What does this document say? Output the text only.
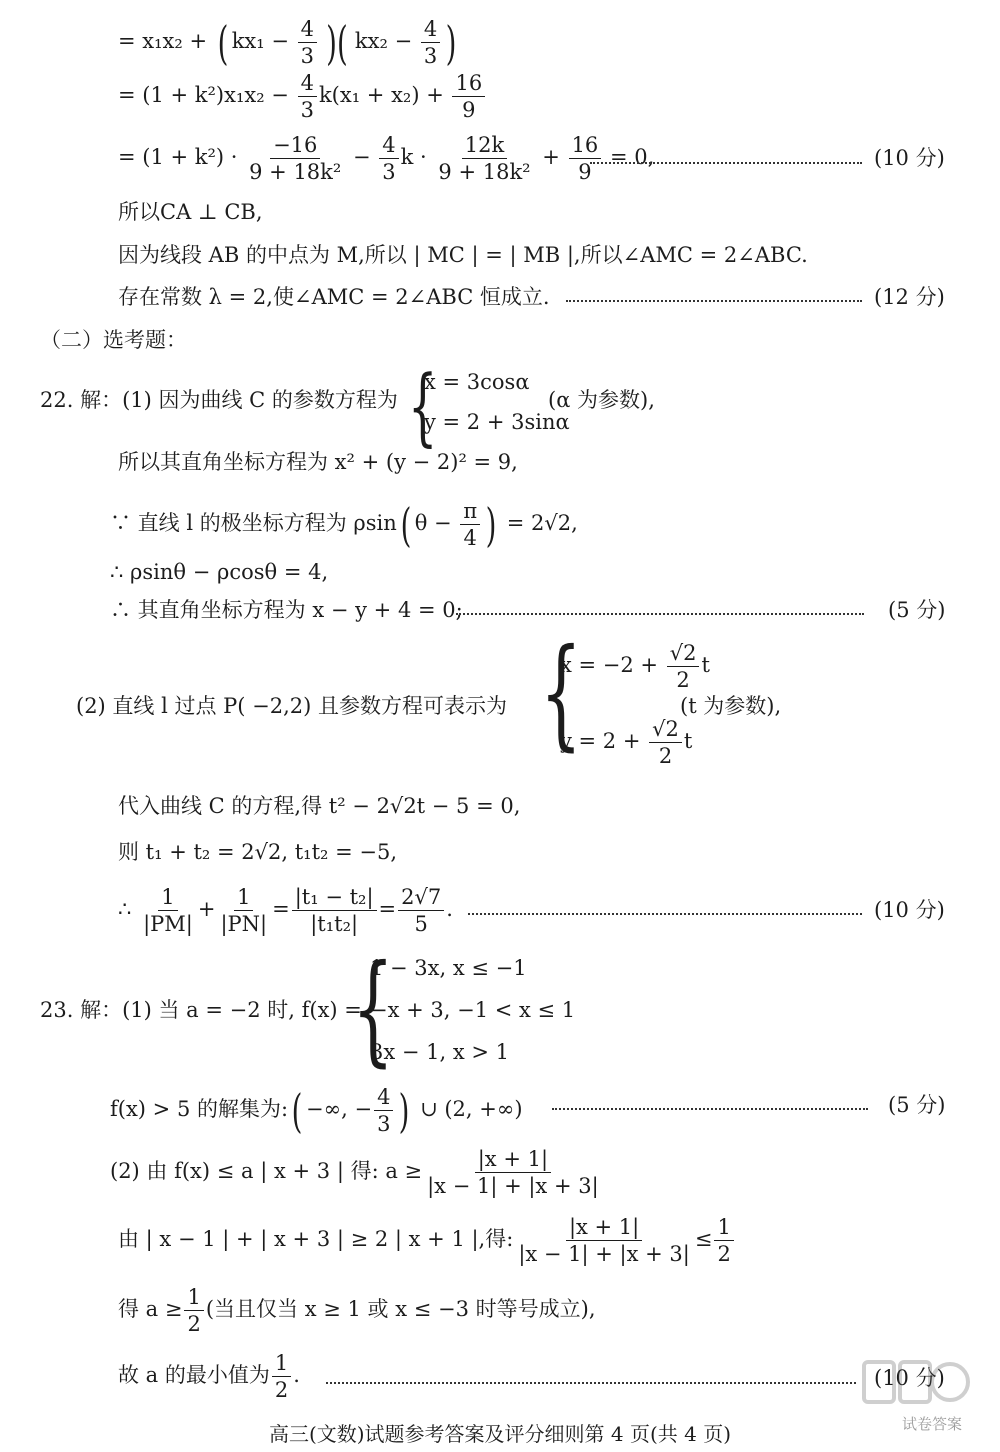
= x₁x₂ + ( $kx_1 - \frac{4}{3}$ )( $kx_2 - \frac{4}{3}$ )
= $(1 + k^2)x_1x_2 - \frac{4}{3} k(x_1 + x_2) + \frac{16}{9}$
= $(1 + k^2) \cdot \frac{-16}{\text{9 + 18k²}} - \frac{4}{3}$ $k \cdot \frac{12k}{\text{9 + 18k²}} + \frac{16}{9} = 0$,	(10 分)
所以CA ⊥ CB,
因为线段 AB 的中点为 M,所以 | MC | = | MB |,所以∠AMC = 2∠ABC.
存在常数 λ = 2,使∠AMC = 2∠ABC 恒成立.	(12 分)
（二）选考题：
22. 解：(1) 因为曲线 C 的参数方程为 {
x = 3cosα
y = 2 + 3sinα
(α 为参数),
所以其直角坐标方程为 x² + (y − 2)² = 9,
∵ 直线 l 的极坐标方程为 ρsin( $\theta - \frac{\pi}{4}$ ) = 2√2,
∴ ρsinθ − ρcosθ = 4,
∴ 其直角坐标方程为 x − y + 4 = 0;	(5 分)
(2) 直线 l 过点 P( −2,2) 且参数方程可表示为 {
$x = -2 + \frac{√2}{2}$ t
$y = 2 + \frac{√2}{2}$ t
(t 为参数),
代入曲线 C 的方程,得 t² − 2√2t − 5 = 0,
则 t₁ + t₂ = 2√2, t₁t₂ = −5,
∴ $\frac{1}{|PM|} + \frac{1}{|PN|} = \frac{\text{|t₁ − t₂|}}{\text{|t₁t₂|}} = \frac{2√7}{5}$ .	(10 分)
23. 解：(1) 当 a = −2 时, f(x) =
{
1 − 3x, x ≤ −1
−x + 3, −1 < x ≤ 1
3x − 1, x > 1
f(x) > 5 的解集为:( −∞, − $\frac{4}{3}$ ) ∪ (2, +∞)	(5 分)
(2) 由 f(x) ≤ a | x + 3 | 得: $a \ge \frac{|x + 1|}{|x - 1| + |x + 3|}$
由 | x − 1 | + | x + 3 | ≥ 2 | x + 1 |,得: $\frac{|x + 1|}{|x - 1| + |x + 3|} \le \frac{1}{2}$
得 $a \ge \frac{1}{2}$ (当且仅当 x ≥ 1 或 x ≤ −3 时等号成立),
故 a 的最小值为 $\frac{1}{2}$ .	(10 分)
试卷答案
高三(文数)试题参考答案及评分细则第 4 页(共 4 页)
